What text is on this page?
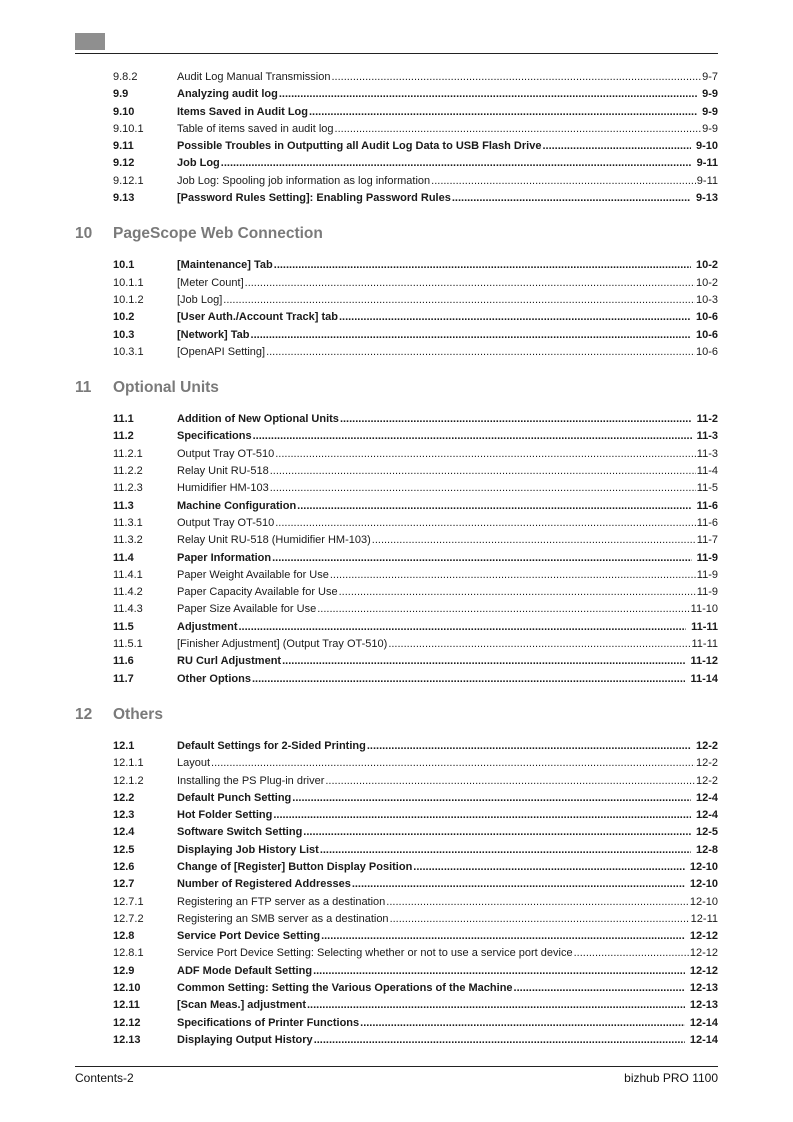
9.8.2	Audit Log Manual Transmission .....	9-7
9.9	Analyzing audit log .....	9-9
9.10	Items Saved in Audit Log .....	9-9
9.10.1	Table of items saved in audit log .....	9-9
9.11	Possible Troubles in Outputting all Audit Log Data to USB Flash Drive .....	9-10
9.12	Job Log .....	9-11
9.12.1	Job Log: Spooling job information as log information .....	9-11
9.13	[Password Rules Setting]: Enabling Password Rules .....	9-13
10	PageScope Web Connection
10.1	[Maintenance] Tab .....	10-2
10.1.1	[Meter Count] .....	10-2
10.1.2	[Job Log] .....	10-3
10.2	[User Auth./Account Track] tab .....	10-6
10.3	[Network] Tab .....	10-6
10.3.1	[OpenAPI Setting] .....	10-6
11	Optional Units
11.1	Addition of New Optional Units .....	11-2
11.2	Specifications .....	11-3
11.2.1	Output Tray OT-510 .....	11-3
11.2.2	Relay Unit RU-518 .....	11-4
11.2.3	Humidifier HM-103 .....	11-5
11.3	Machine Configuration .....	11-6
11.3.1	Output Tray OT-510 .....	11-6
11.3.2	Relay Unit RU-518 (Humidifier HM-103) .....	11-7
11.4	Paper Information .....	11-9
11.4.1	Paper Weight Available for Use .....	11-9
11.4.2	Paper Capacity Available for Use .....	11-9
11.4.3	Paper Size Available for Use .....	11-10
11.5	Adjustment .....	11-11
11.5.1	[Finisher Adjustment] (Output Tray OT-510) .....	11-11
11.6	RU Curl Adjustment .....	11-12
11.7	Other Options .....	11-14
12	Others
12.1	Default Settings for 2-Sided Printing .....	12-2
12.1.1	Layout .....	12-2
12.1.2	Installing the PS Plug-in driver .....	12-2
12.2	Default Punch Setting .....	12-4
12.3	Hot Folder Setting .....	12-4
12.4	Software Switch Setting .....	12-5
12.5	Displaying Job History List .....	12-8
12.6	Change of [Register] Button Display Position .....	12-10
12.7	Number of Registered Addresses .....	12-10
12.7.1	Registering an FTP server as a destination .....	12-10
12.7.2	Registering an SMB server as a destination .....	12-11
12.8	Service Port Device Setting .....	12-12
12.8.1	Service Port Device Setting: Selecting whether or not to use a service port device .....	12-12
12.9	ADF Mode Default Setting .....	12-12
12.10	Common Setting: Setting the Various Operations of the Machine .....	12-13
12.11	[Scan Meas.] adjustment .....	12-13
12.12	Specifications of Printer Functions .....	12-14
12.13	Displaying Output History .....	12-14
Contents-2	bizhub PRO 1100
